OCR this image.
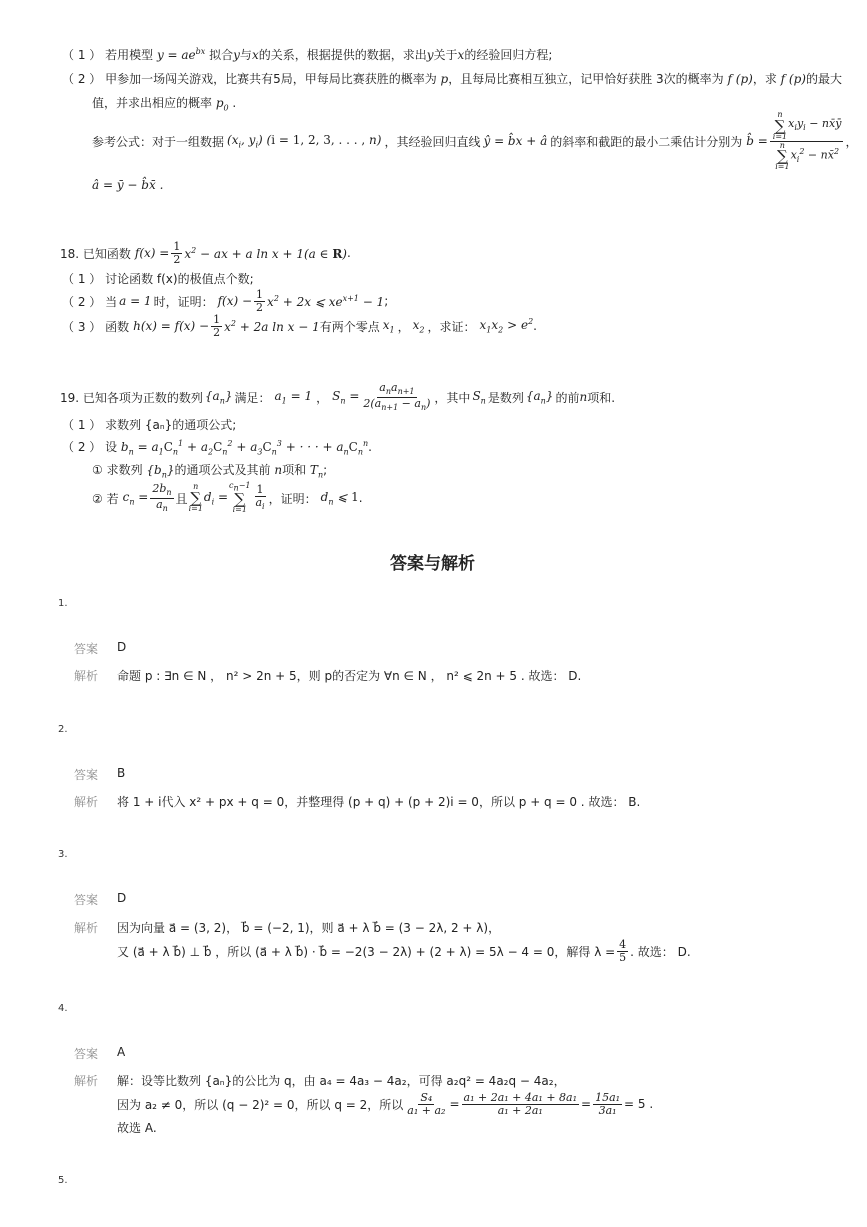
（ 1 ） 若用模型 $y = ae^{bx}$ 拟合y与x的关系，根据提供的数据，求出y关于x的经验回归方程;
（ 2 ） 甲参加一场闯关游戏，比赛共有5局，甲每局比赛获胜的概率为 p，且每局比赛相互独立，记甲恰好获胜 3次的概率为 f (p)，求 f (p)的最大
值，并求出相应的概率 $p_0$ .
参考公式：对于一组数据 ($x_i$, $y_i$) (i = 1, 2, 3, . . . , n) ，其经验回归直线 ŷ = b̂x + â 的斜率和截距的最小二乘估计分别为 b̂ = n
∑
i=1
$x_iy_i$ − nx̄ȳ
n
∑
i=1
$x_i^2$ − nx̄$^2$ ，
â = ȳ − b̂x̄ .
18. 已知函数 $f(x) = \frac{1}{2} x^2$ − ax + a ln x + 1(a ∈ R) .
（ 1 ） 讨论函数 f(x)的极值点个数;
（ 2 ） 当 a = 1 时，证明： $f(x) - \frac{1}{2} x^2 + 2x$ ⩽ $xe^{x+1} - 1$ ;
（ 3 ） 函数 $h(x) = f(x) - \frac{1}{2} x^2 + 2a$ ln x − 1 有两个零点 $x_1$ ， $x_2$ ，求证： $x_1x_2 > e^2$ .
19. 已知各项为正数的数列 $\{a_n\}$ 满足： $a_1 = 1$ ， $S_n = \frac{a_na_{n+1}}{2(a_{n+1} - a_n)}$ ，其中 $S_n$ 是数列 $\{a_n\}$ 的前 n 项和.
（ 1 ） 求数列 {aₙ}的通项公式;
（ 2 ） 设 $b_n = a_1C_n^1 + a_2C_n^2 + a_3C_n^3$ + · · · + $a_nC_n^n$.
① 求数列 $\{b_n\}$的通项公式及其前 n项和 $T_n$;
② 若 $c_n = \frac{2b_n}{a_n}$ 且
n
∑
i=1
$d_i$ =
$c_n-1$
∑
$i=1 \frac{1}{a_i}$ ，证明： $d_n$ ⩽ 1 .
答案与解析
1.
答案 D
解析 命题 p : ∃n ∈ N ， n² > 2n + 5，则 p的否定为 ∀n ∈ N ， n² ⩽ 2n + 5 . 故选： D.
2.
答案 B
解析 将 1 + i代入 x² + px + q = 0，并整理得 (p + q) + (p + 2)i = 0，所以 p + q = 0 . 故选： B.
3.
答案 D
解析 因为向量 a⃗ = (3, 2)， b⃗ = (−2, 1)，则 a⃗ + λ b⃗ = (3 − 2λ, 2 + λ)，
又 (a⃗ + λ b⃗) ⊥ b⃗ ，所以 (a⃗ + λ b⃗) · b⃗ = −2(3 − 2λ) + (2 + λ) = 5λ − 4 = 0，解得 $\lambda = \frac{4}{5}$ . 故选： D.
4.
答案 A
解析 解：设等比数列 {aₙ}的公比为 q，由 a₄ = 4a₃ − 4a₂，可得 a₂q² = 4a₂q − 4a₂，
因为 a₂ ≠ 0，所以 (q − 2)² = 0，所以 q = 2，所以 $\frac{\text{S₄}}{\text{a₁ + a₂}} = \frac{\text{a₁ + 2a₁ + 4a₁ + 8a₁}}{\text{a₁ + 2a₁}} = \frac{\text{15a₁}}{\text{3a₁}} = 5$ .
故选 A.
5.
